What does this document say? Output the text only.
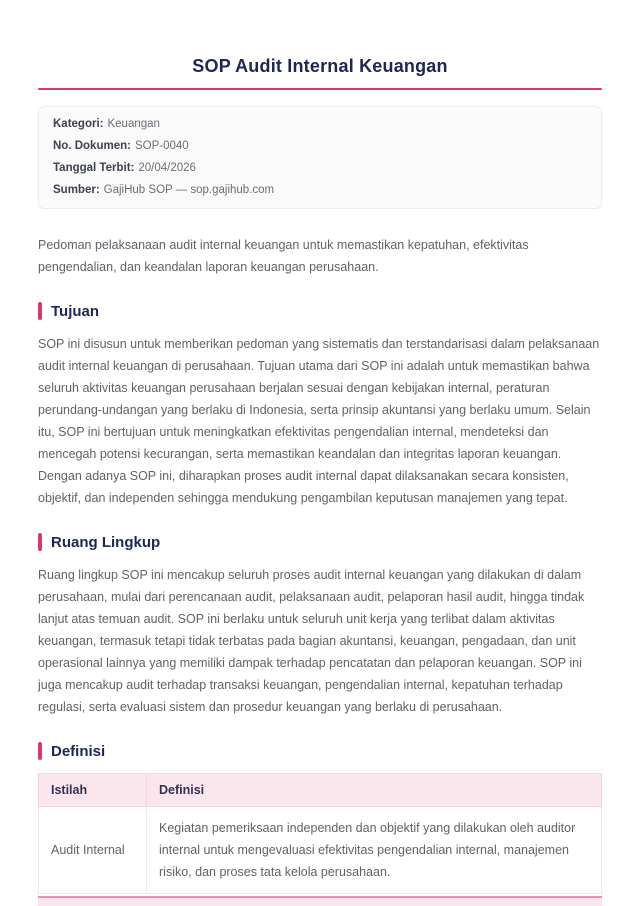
SOP Audit Internal Keuangan
Kategori: Keuangan
No. Dokumen: SOP-0040
Tanggal Terbit: 20/04/2026
Sumber: GajiHub SOP — sop.gajihub.com

Pedoman pelaksanaan audit internal keuangan untuk memastikan kepatuhan, efektivitas pengendalian, dan keandalan laporan keuangan perusahaan.

Tujuan

SOP ini disusun untuk memberikan pedoman yang sistematis dan terstandarisasi dalam pelaksanaan audit internal keuangan di perusahaan. Tujuan utama dari SOP ini adalah untuk memastikan bahwa seluruh aktivitas keuangan perusahaan berjalan sesuai dengan kebijakan internal, peraturan perundang-undangan yang berlaku di Indonesia, serta prinsip akuntansi yang berlaku umum. Selain itu, SOP ini bertujuan untuk meningkatkan efektivitas pengendalian internal, mendeteksi dan mencegah potensi kecurangan, serta memastikan keandalan dan integritas laporan keuangan. Dengan adanya SOP ini, diharapkan proses audit internal dapat dilaksanakan secara konsisten, objektif, dan independen sehingga mendukung pengambilan keputusan manajemen yang tepat.

Ruang Lingkup

Ruang lingkup SOP ini mencakup seluruh proses audit internal keuangan yang dilakukan di dalam perusahaan, mulai dari perencanaan audit, pelaksanaan audit, pelaporan hasil audit, hingga tindak lanjut atas temuan audit. SOP ini berlaku untuk seluruh unit kerja yang terlibat dalam aktivitas keuangan, termasuk tetapi tidak terbatas pada bagian akuntansi, keuangan, pengadaan, dan unit operasional lainnya yang memiliki dampak terhadap pencatatan dan pelaporan keuangan. SOP ini juga mencakup audit terhadap transaksi keuangan, pengendalian internal, kepatuhan terhadap regulasi, serta evaluasi sistem dan prosedur keuangan yang berlaku di perusahaan.

Definisi
Istilah	Definisi
Audit Internal	Kegiatan pemeriksaan independen dan objektif yang dilakukan oleh auditor internal untuk mengevaluasi efektivitas pengendalian internal, manajemen risiko, dan proses tata kelola perusahaan.
